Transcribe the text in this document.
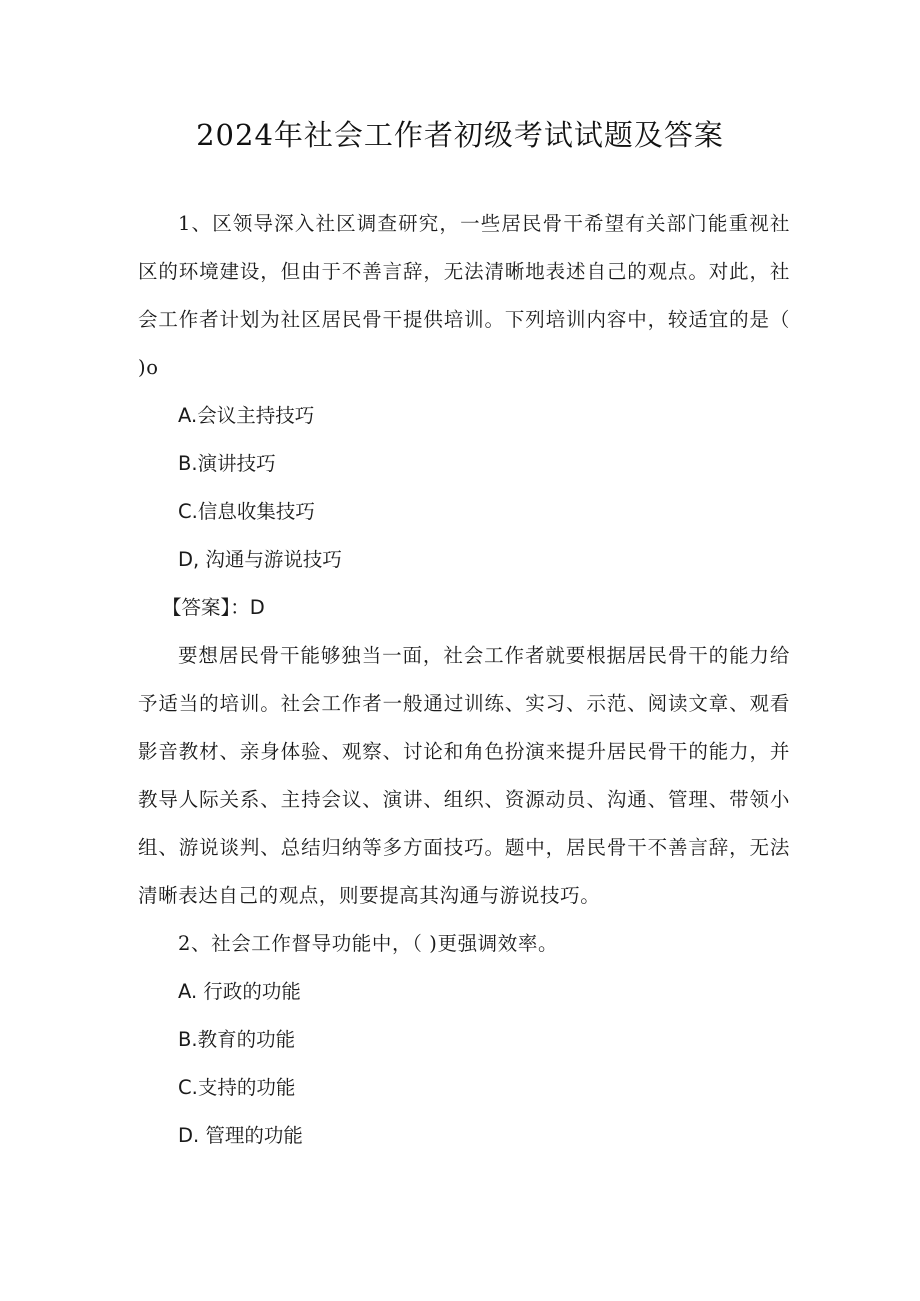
2024年社会工作者初级考试试题及答案

1、区领导深入社区调查研究，一些居民骨干希望有关部门能重视社区的环境建设，但由于不善言辞，无法清晰地表述自己的观点。对此，社会工作者计划为社区居民骨干提供培训。下列培训内容中，较适宜的是（ )o

A.会议主持技巧

B.演讲技巧

C.信息收集技巧

D, 沟通与游说技巧

【答案】：D

要想居民骨干能够独当一面，社会工作者就要根据居民骨干的能力给予适当的培训。社会工作者一般通过训练、实习、示范、阅读文章、观看影音教材、亲身体验、观察、讨论和角色扮演来提升居民骨干的能力，并教导人际关系、主持会议、演讲、组织、资源动员、沟通、管理、带领小组、游说谈判、总结归纳等多方面技巧。题中，居民骨干不善言辞，无法清晰表达自己的观点，则要提高其沟通与游说技巧。

2、社会工作督导功能中，（ )更强调效率。

A. 行政的功能

B.教育的功能

C.支持的功能

D. 管理的功能
